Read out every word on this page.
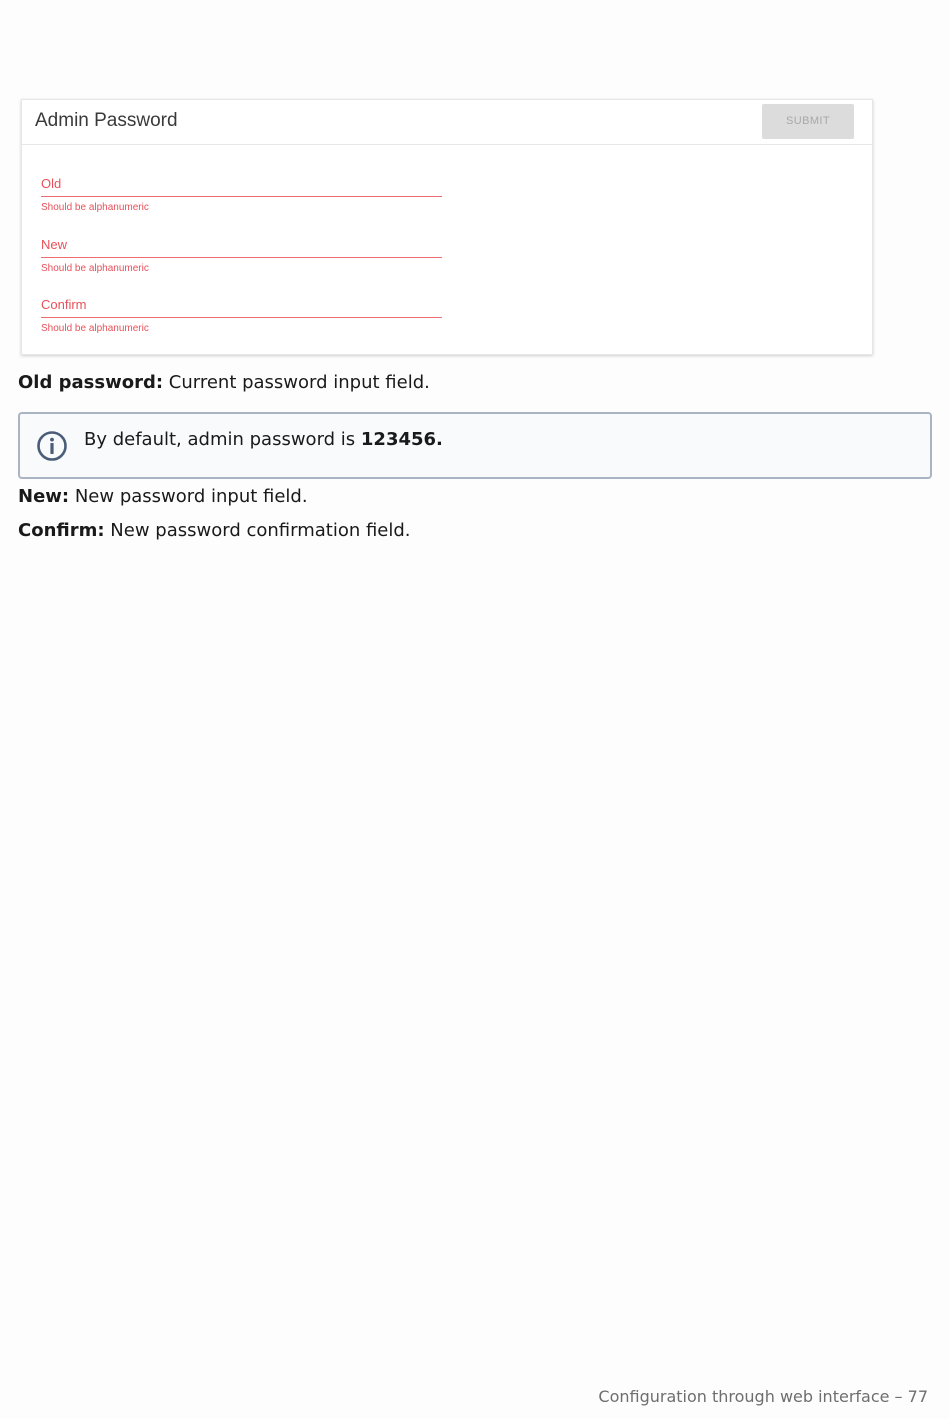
Admin Password	SUBMIT
Old
Should be alphanumeric
New
Should be alphanumeric
Confirm
Should be alphanumeric
Old password: Current password input field.
By default, admin password is 123456.
New: New password input field.
Confirm: New password confirmation field.
Configuration through web interface – 77
